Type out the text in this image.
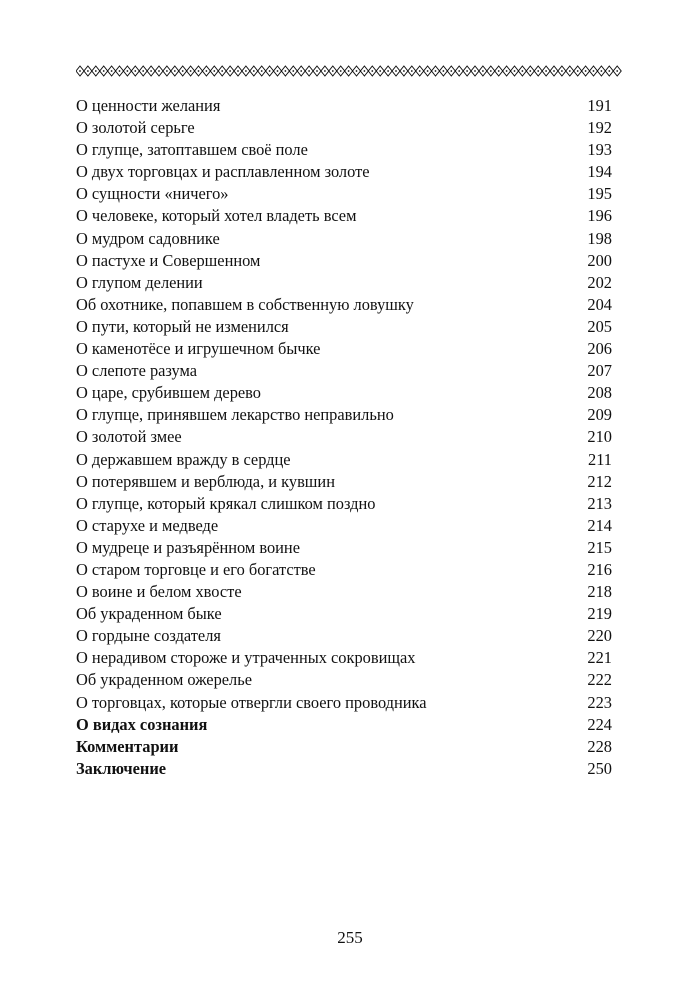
О ценности желания	191
О золотой серьге	192
О глупце, затоптавшем своё поле	193
О двух торговцах и расплавленном золоте	194
О сущности «ничего»	195
О человеке, который хотел владеть всем	196
О мудром садовнике	198
О пастухе и Совершенном	200
О глупом делении	202
Об охотнике, попавшем в собственную ловушку	204
О пути, который не изменился	205
О каменотёсе и игрушечном бычке	206
О слепоте разума	207
О царе, срубившем дерево	208
О глупце, принявшем лекарство неправильно	209
О золотой змее	210
О державшем вражду в сердце	211
О потерявшем и верблюда, и кувшин	212
О глупце, который крякал слишком поздно	213
О старухе и медведе	214
О мудреце и разъярённом воине	215
О старом торговце и его богатстве	216
О воине и белом хвосте	218
Об украденном быке	219
О гордыне создателя	220
О нерадивом стороже и утраченных сокровищах	221
Об украденном ожерелье	222
О торговцах, которые отвергли своего проводника	223
О видах сознания	224
Комментарии	228
Заключение	250
255
